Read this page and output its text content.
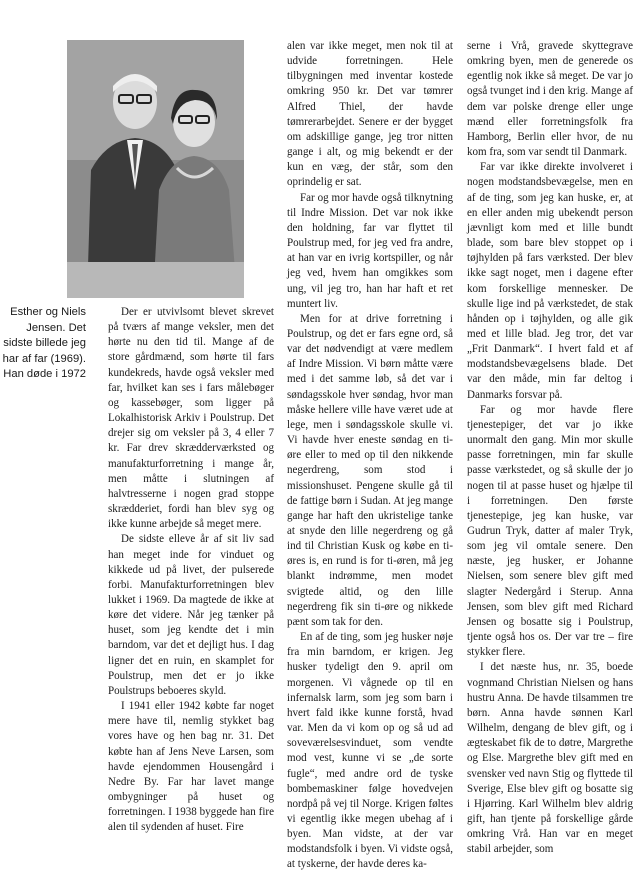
Esther og Niels Jensen. Det sidste billede jeg har af far (1969). Han døde i 1972

Der er utvivlsomt blevet skrevet på tværs af mange veksler, men det hørte nu den tid til. Mange af de store gårdmænd, som hørte til fars kundekreds, havde også veksler med far, hvilket kan ses i fars målebøger og kassebøger, som ligger på Lokalhistorisk Arkiv i Poulstrup. Det drejer sig om veksler på 3, 4 eller 7 kr. Far drev skrædderværksted og manufakturforretning i mange år, men måtte i slutningen af halvtresserne i nogen grad stoppe skrædderiet, fordi han blev syg og ikke kunne arbejde så meget mere.

De sidste elleve år af sit liv sad han meget inde for vinduet og kikkede ud på livet, der pulserede forbi. Manufakturforretningen blev lukket i 1969. Da magtede de ikke at køre det videre. Når jeg tænker på huset, som jeg kendte det i min barndom, var det et dejligt hus. I dag ligner det en ruin, en skamplet for Poulstrup, men det er jo ikke Poulstrups beboeres skyld.

I 1941 eller 1942 købte far noget mere have til, nemlig stykket bag vores have og hen bag nr. 31. Det købte han af Jens Neve Larsen, som havde ejendommen Housengård i Nedre By. Far har lavet mange ombygninger på huset og forretningen. I 1938 byggede han fire alen til sydenden af huset. Fire

alen var ikke meget, men nok til at udvide forretningen. Hele tilbygningen med inventar kostede omkring 950 kr. Det var tømrer Alfred Thiel, der havde tømrerarbejdet. Senere er der bygget om adskillige gange, jeg tror nitten gange i alt, og mig bekendt er der kun en væg, der står, som den oprindelig er sat.

Far og mor havde også tilknytning til Indre Mission. Det var nok ikke den holdning, far var flyttet til Poulstrup med, for jeg ved fra andre, at han var en ivrig kortspiller, og når jeg ved, hvem han omgikkes som ung, vil jeg tro, han har haft et ret muntert liv.

Men for at drive forretning i Poulstrup, og det er fars egne ord, så var det nødvendigt at være medlem af Indre Mission. Vi børn måtte være med i det samme løb, så det var i søndagsskole hver søndag, hvor man måske hellere ville have været ude at lege, men i søndagsskole skulle vi. Vi havde hver eneste søndag en ti-øre eller to med op til den nikkende negerdreng, som stod i missionshuset. Pengene skulle gå til de fattige børn i Sudan. At jeg mange gange har haft den ukristelige tanke at snyde den lille negerdreng og gå ind til Christian Kusk og købe en ti-øres is, en rund is for ti-øren, må jeg blankt indrømme, men modet svigtede altid, og den lille negerdreng fik sin ti-øre og nikkede pænt som tak for den.

En af de ting, som jeg husker nøje fra min barndom, er krigen. Jeg husker tydeligt den 9. april om morgenen. Vi vågnede op til en infernalsk larm, som jeg som barn i hvert fald ikke kunne forstå, hvad var. Men da vi kom op og så ud ad soveværelsesvinduet, som vendte mod vest, kunne vi se „de sorte fugle“, med andre ord de tyske bombemaskiner følge hovedvejen nordpå på vej til Norge. Krigen føltes vi egentlig ikke megen ubehag af i byen. Man vidste, at der var modstandsfolk i byen. Vi vidste også, at tyskerne, der havde deres ka-

serne i Vrå, gravede skyttegrave omkring byen, men de generede os egentlig nok ikke så meget. De var jo også tvunget ind i den krig. Mange af dem var polske drenge eller unge mænd eller forretningsfolk fra Hamborg, Berlin eller hvor, de nu kom fra, som var sendt til Danmark.

Far var ikke direkte involveret i nogen modstandsbevægelse, men en af de ting, som jeg kan huske, er, at en eller anden mig ubekendt person jævnligt kom med et lille bundt blade, som bare blev stoppet op i tøjhylden på fars værksted. Der blev ikke sagt noget, men i dagene efter kom forskellige mennesker. De skulle lige ind på værkstedet, de stak hånden op i tøjhylden, og alle gik med et lille blad. Jeg tror, det var „Frit Danmark“. I hvert fald et af modstandsbevægelsens blade. Det var den måde, min far deltog i Danmarks forsvar på.

Far og mor havde flere tjenestepiger, det var jo ikke unormalt den gang. Min mor skulle passe forretningen, min far skulle passe værkstedet, og så skulle der jo nogen til at passe huset og hjælpe til i forretningen. Den første tjenestepige, jeg kan huske, var Gudrun Tryk, datter af maler Tryk, som jeg vil omtale senere. Den næste, jeg husker, er Johanne Nielsen, som senere blev gift med slagter Nedergård i Sterup. Anna Jensen, som blev gift med Richard Jensen og bosatte sig i Poulstrup, tjente også hos os. Der var tre – fire stykker flere.

I det næste hus, nr. 35, boede vognmand Christian Nielsen og hans hustru Anna. De havde tilsammen tre børn. Anna havde sønnen Karl Wilhelm, dengang de blev gift, og i ægteskabet fik de to døtre, Margrethe og Else. Margrethe blev gift med en svensker ved navn Stig og flyttede til Sverige, Else blev gift og bosatte sig i Hjørring. Karl Wilhelm blev aldrig gift, han tjente på forskellige gårde omkring Vrå. Han var en meget stabil arbejder, som
